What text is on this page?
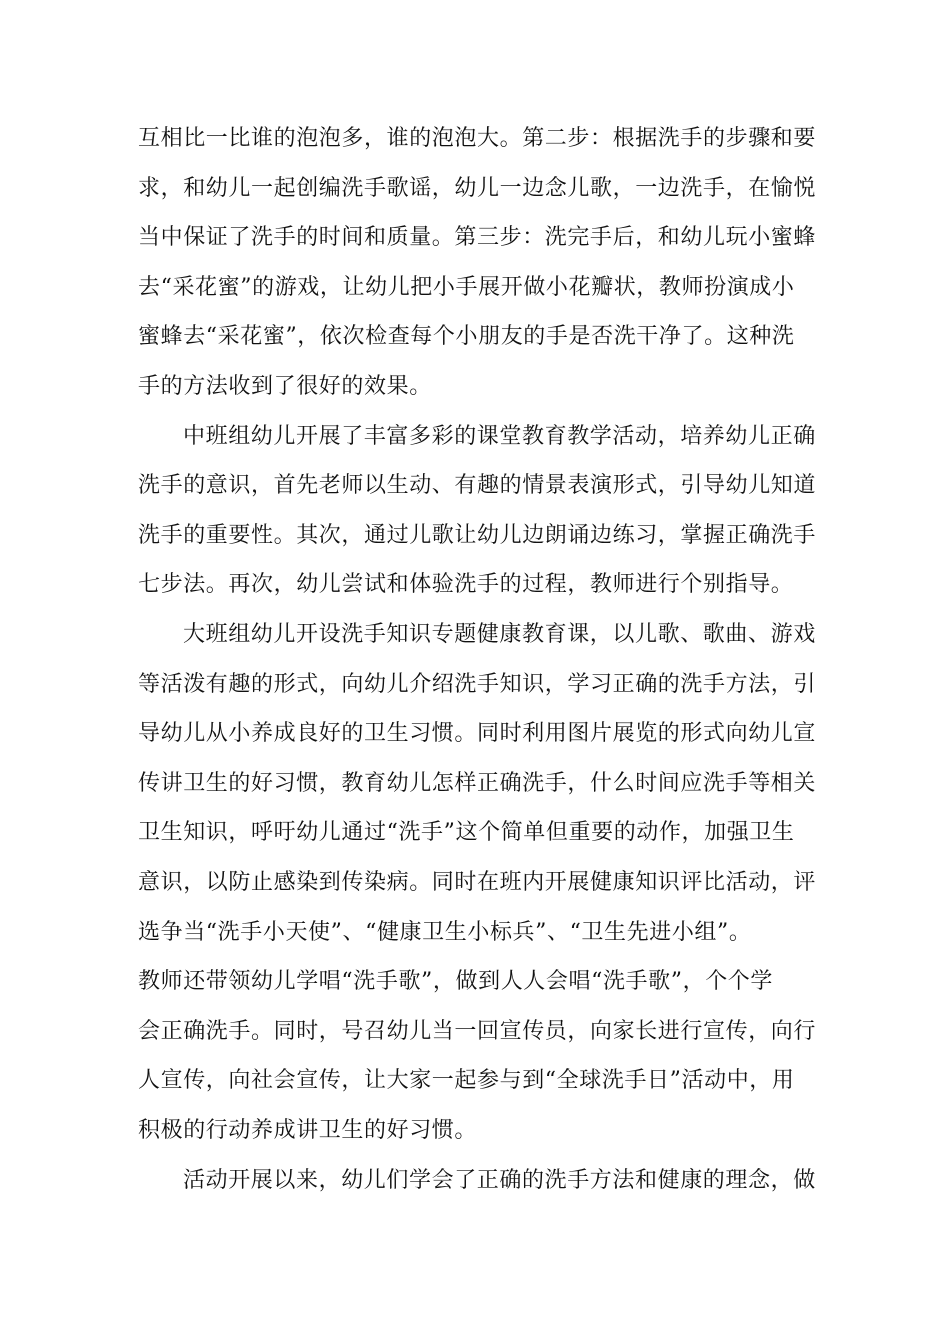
互相比一比谁的泡泡多，谁的泡泡大。第二步：根据洗手的步骤和要
求，和幼儿一起创编洗手歌谣，幼儿一边念儿歌，一边洗手，在愉悦
当中保证了洗手的时间和质量。第三步：洗完手后，和幼儿玩小蜜蜂
去“采花蜜”的游戏，让幼儿把小手展开做小花瓣状，教师扮演成小
蜜蜂去“采花蜜”，依次检查每个小朋友的手是否洗干净了。这种洗
手的方法收到了很好的效果。
中班组幼儿开展了丰富多彩的课堂教育教学活动，培养幼儿正确
洗手的意识，首先老师以生动、有趣的情景表演形式，引导幼儿知道
洗手的重要性。其次，通过儿歌让幼儿边朗诵边练习，掌握正确洗手
七步法。再次，幼儿尝试和体验洗手的过程，教师进行个别指导。
大班组幼儿开设洗手知识专题健康教育课，以儿歌、歌曲、游戏
等活泼有趣的形式，向幼儿介绍洗手知识，学习正确的洗手方法，引
导幼儿从小养成良好的卫生习惯。同时利用图片展览的形式向幼儿宣
传讲卫生的好习惯，教育幼儿怎样正确洗手，什么时间应洗手等相关
卫生知识，呼吁幼儿通过“洗手”这个简单但重要的动作，加强卫生
意识，以防止感染到传染病。同时在班内开展健康知识评比活动，评
选争当“洗手小天使”、“健康卫生小标兵”、“卫生先进小组”。
教师还带领幼儿学唱“洗手歌”，做到人人会唱“洗手歌”，个个学
会正确洗手。同时，号召幼儿当一回宣传员，向家长进行宣传，向行
人宣传，向社会宣传，让大家一起参与到“全球洗手日”活动中，用
积极的行动养成讲卫生的好习惯。
活动开展以来，幼儿们学会了正确的洗手方法和健康的理念，做
